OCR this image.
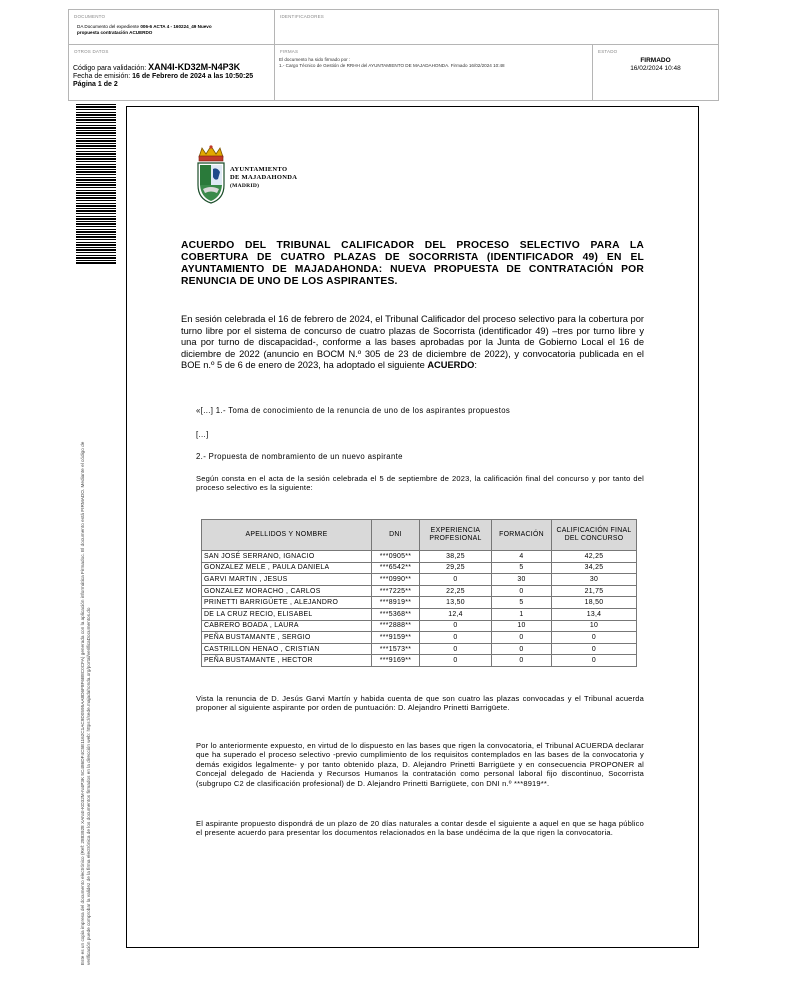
DOCUMENTO
DA Documento del expediente 006-6 ACTA 4 - 160224_49 Nuevo
propuesta contratación ACUERDO
IDENTIFICADORES
OTROS DATOS
Código para validación: XAN4I-KD32M-N4P3K
Fecha de emisión: 16 de Febrero de 2024 a las 10:50:25
Página 1 de 2
FIRMAS
El documento ha sido firmado por :
1.- Cargo Técnico de Gestión de RRHH del AYUNTAMIENTO DE MAJADAHONDA. Firmado 16/02/2024 10:48
ESTADO
FIRMADO
16/02/2024 10:48
Este es un copia impresa del documento electrónico (Ref: 2883928 XAN4I-KD32M-N4P3K 5C486DF4C5E1162C1AC9D0595AA8D6F8F6B8C0CFA) generada con la aplicación informática Firmadoc. El documento está FIRMADO. Mediante el código de verificación puede comprobar la validez de la firma electrónica de los documentos firmados en la dirección web: https://sede.majadahonda.org/portal/verificaDocumentos.do
AYUNTAMIENTO
DE MAJADAHONDA
(MADRID)
ACUERDO DEL TRIBUNAL CALIFICADOR DEL PROCESO SELECTIVO PARA LA COBERTURA DE CUATRO PLAZAS DE SOCORRISTA (IDENTIFICADOR 49) EN EL AYUNTAMIENTO DE MAJADAHONDA: NUEVA PROPUESTA DE CONTRATACIÓN POR RENUNCIA DE UNO DE LOS ASPIRANTES.
En sesión celebrada el 16 de febrero de 2024, el Tribunal Calificador del proceso selectivo para la cobertura por turno libre por el sistema de concurso de cuatro plazas de Socorrista (identificador 49) –tres por turno libre y una por turno de discapacidad-, conforme a las bases aprobadas por la Junta de Gobierno Local el 16 de diciembre de 2022 (anuncio en BOCM N.º 305 de 23 de diciembre de 2022), y convocatoria publicada en el BOE n.º 5 de 6 de enero de 2023, ha adoptado el siguiente ACUERDO:
«[...] 1.- Toma de conocimiento de la renuncia de uno de los aspirantes propuestos
[...]
2.- Propuesta de nombramiento de un nuevo aspirante
Según consta en el acta de la sesión celebrada el 5 de septiembre de 2023, la calificación final del concurso y por tanto del proceso selectivo es la siguiente:
APELLIDOS Y NOMBRE	DNI	EXPERIENCIA PROFESIONAL	FORMACIÓN	CALIFICACIÓN FINAL DEL CONCURSO
SAN JOSÉ SERRANO, IGNACIO	***0905**	38,25	4	42,25
GONZALEZ MELE , PAULA DANIELA	***6542**	29,25	5	34,25
GARVI MARTIN , JESUS	***0990**	0	30	30
GONZALEZ MORACHO , CARLOS	***7225**	22,25	0	21,75
PRINETTI BARRIGÜETE , ALEJANDRO	***8919**	13,50	5	18,50
DE LA CRUZ RECIO, ELISABEL	***5368**	12,4	1	13,4
CABRERO BOADA , LAURA	***2888**	0	10	10
PEÑA BUSTAMANTE , SERGIO	***9159**	0	0	0
CASTRILLON HENAO , CRISTIAN	***1573**	0	0	0
PEÑA BUSTAMANTE , HECTOR	***9169**	0	0	0
Vista la renuncia de D. Jesús Garvi Martín y habida cuenta de que son cuatro las plazas convocadas y el Tribunal acuerda proponer al siguiente aspirante por orden de puntuación: D. Alejandro Prinetti Barrigüete.
Por lo anteriormente expuesto, en virtud de lo dispuesto en las bases que rigen la convocatoria, el Tribunal ACUERDA declarar que ha superado el proceso selectivo -previo cumplimiento de los requisitos contemplados en las bases de la convocatoria y demás exigidos legalmente- y por tanto obtenido plaza, D. Alejandro Prinetti Barrigüete y en consecuencia PROPONER al Concejal delegado de Hacienda y Recursos Humanos la contratación como personal laboral fijo discontinuo, Socorrista (subgrupo C2 de clasificación profesional) de D. Alejandro Prinetti Barrigüete, con DNI n.º ***8919**.
El aspirante propuesto dispondrá de un plazo de 20 días naturales a contar desde el siguiente a aquel en que se haga público el presente acuerdo para presentar los documentos relacionados en la base undécima de la que rigen la convocatoria.
